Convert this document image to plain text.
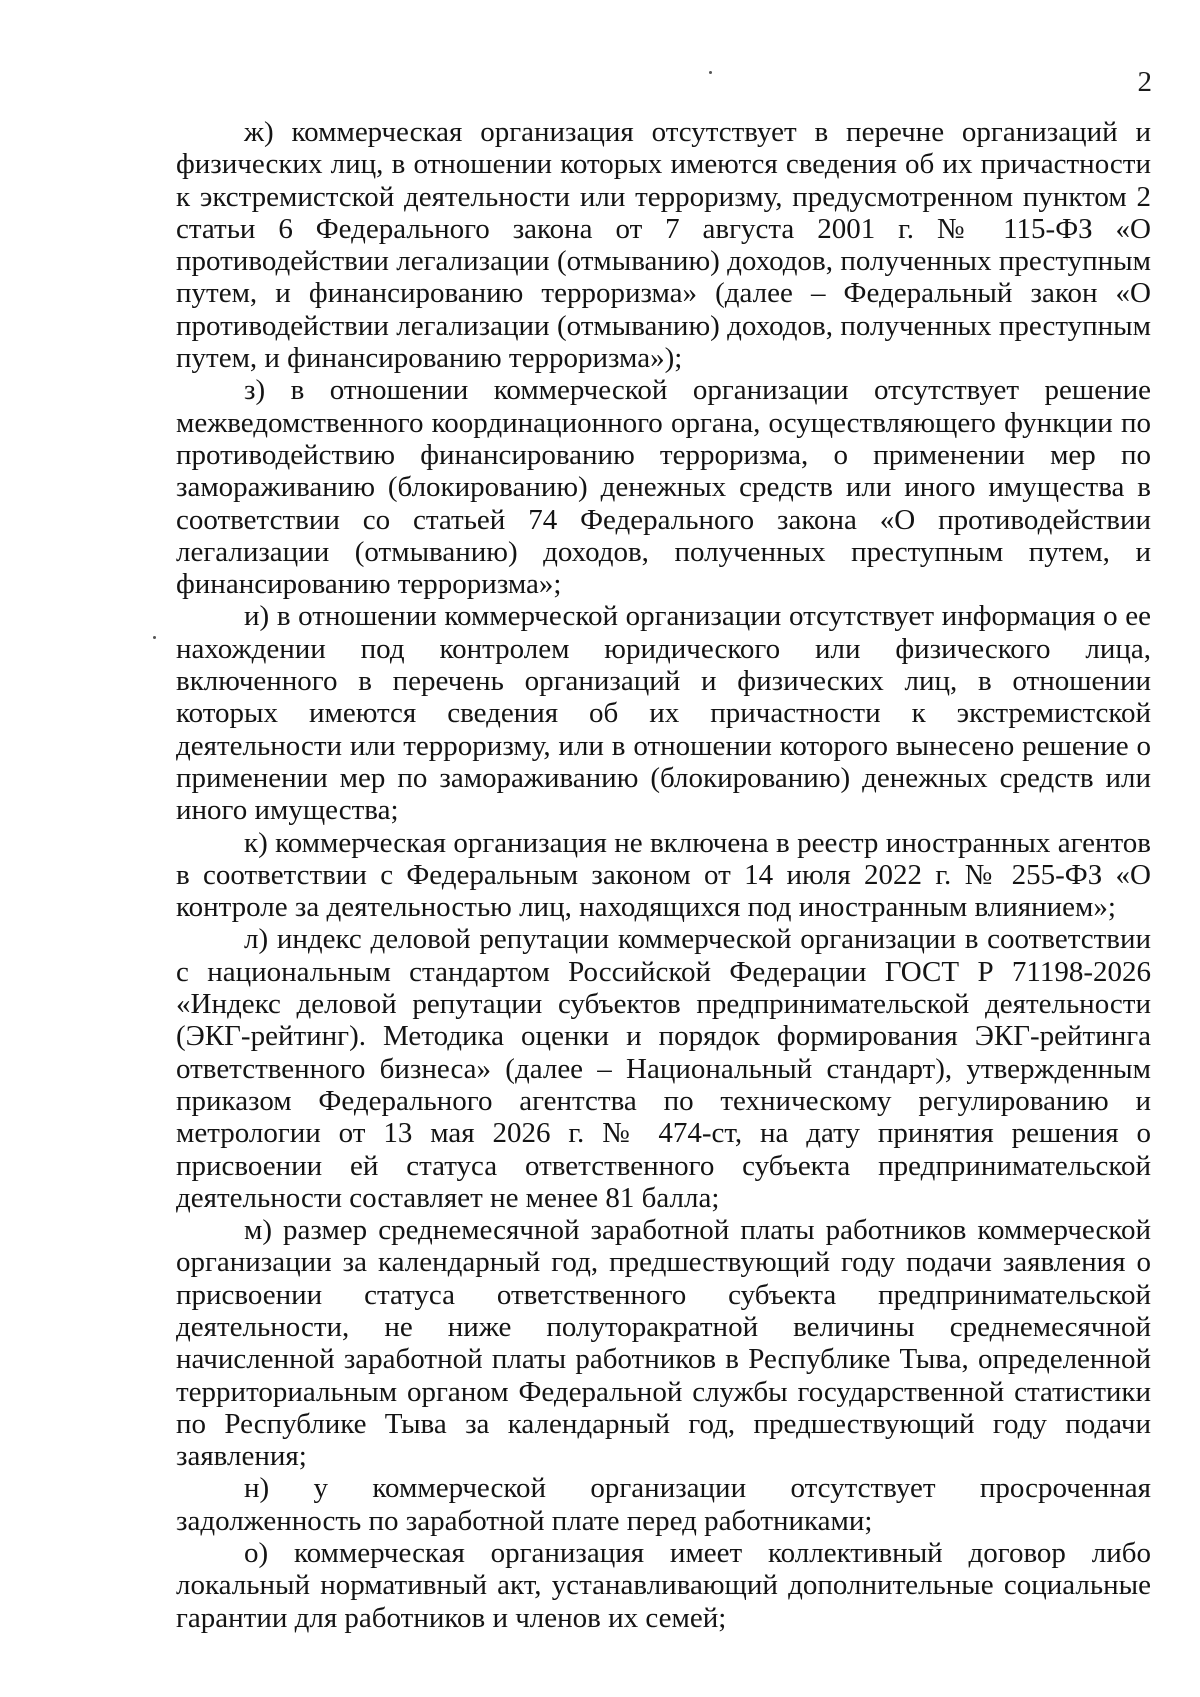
2

ж) коммерческая организация отсутствует в перечне организаций и физических лиц, в отношении которых имеются сведения об их причастности к экстремистской деятельности или терроризму, предусмотренном пунктом 2 статьи 6 Федерального закона от 7 августа 2001 г. № 115-ФЗ «О противодействии легализации (отмыванию) доходов, полученных преступным путем, и финансированию терроризма» (далее – Федеральный закон «О противодействии легализации (отмыванию) доходов, полученных преступным путем, и финансированию терроризма»);

з) в отношении коммерческой организации отсутствует решение межведомственного координационного органа, осуществляющего функции по противодействию финансированию терроризма, о применении мер по замораживанию (блокированию) денежных средств или иного имущества в соответствии со статьей 74 Федерального закона «О противодействии легализации (отмыванию) доходов, полученных преступным путем, и финансированию терроризма»;

и) в отношении коммерческой организации отсутствует информация о ее нахождении под контролем юридического или физического лица, включенного в перечень организаций и физических лиц, в отношении которых имеются сведения об их причастности к экстремистской деятельности или терроризму, или в отношении которого вынесено решение о применении мер по замораживанию (блокированию) денежных средств или иного имущества;

к) коммерческая организация не включена в реестр иностранных агентов в соответствии с Федеральным законом от 14 июля 2022 г. № 255-ФЗ «О контроле за деятельностью лиц, находящихся под иностранным влиянием»;

л) индекс деловой репутации коммерческой организации в соответствии с национальным стандартом Российской Федерации ГОСТ Р 71198-2026 «Индекс деловой репутации субъектов предпринимательской деятельности (ЭКГ-рейтинг). Методика оценки и порядок формирования ЭКГ-рейтинга ответственного бизнеса» (далее – Национальный стандарт), утвержденным приказом Федерального агентства по техническому регулированию и метрологии от 13 мая 2026 г. № 474-ст, на дату принятия решения о присвоении ей статуса ответственного субъекта предпринимательской деятельности составляет не менее 81 балла;

м) размер среднемесячной заработной платы работников коммерческой организации за календарный год, предшествующий году подачи заявления о присвоении статуса ответственного субъекта предпринимательской деятельности, не ниже полуторакратной величины среднемесячной начисленной заработной платы работников в Республике Тыва, определенной территориальным органом Федеральной службы государственной статистики по Республике Тыва за календарный год, предшествующий году подачи заявления;

н) у коммерческой организации отсутствует просроченная задолженность по заработной плате перед работниками;

о) коммерческая организация имеет коллективный договор либо локальный нормативный акт, устанавливающий дополнительные социальные гарантии для работников и членов их семей;
